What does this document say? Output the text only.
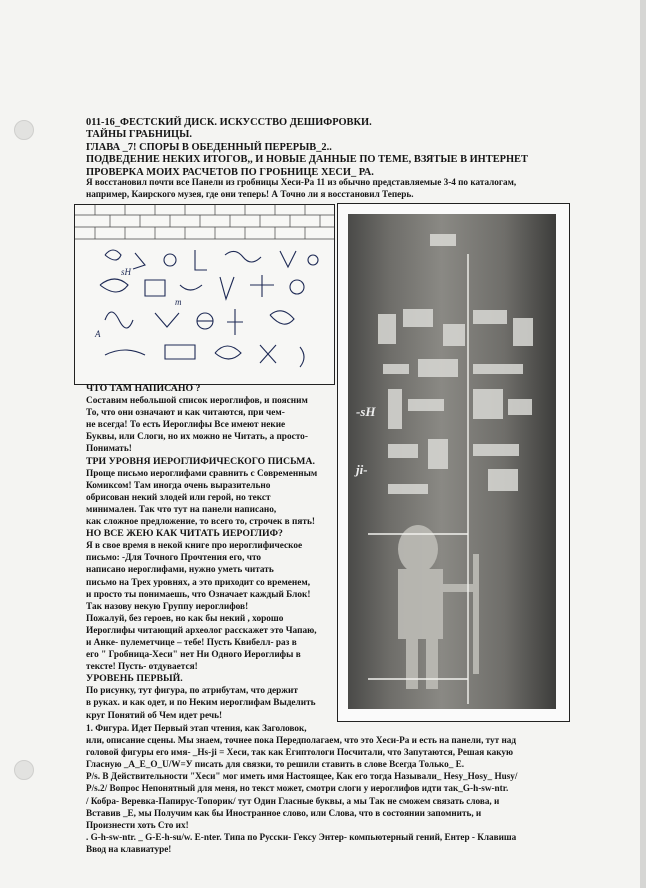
011-16_ФЕСТСКИЙ ДИСК. ИСКУССТВО ДЕШИФРОВКИ.
ТАЙНЫ ГРАБНИЦЫ.
ГЛАВА _7! СПОРЫ В ОБЕДЕННЫЙ ПЕРЕРЫВ_2..
ПОДВЕДЕНИЕ НЕКИХ ИТОГОВ,, И НОВЫЕ ДАННЫЕ ПО ТЕМЕ, ВЗЯТЫЕ В ИНТЕРНЕТ
ПРОВЕРКА МОИХ РАСЧЕТОВ ПО ГРОБНИЦЕ ХЕСИ_ РА.
Я восстановил почти все Панели из гробницы Хеси-Ра 11 из обычно представляемые 3-4 по каталогам,
например, Каирского музея, где они теперь! А Точно ли я восстановил Теперь.
sH
m
A
-sH
ji-
ЧТО ТАМ НАПИСАНО ?
Составим небольшой список иероглифов, и поясним
То, что они означают и как читаются, при чем-
не всегда! То есть Иероглифы Все имеют некие
Буквы, или Слоги, но их можно не Читать, а просто-
Понимать!
ТРИ УРОВНЯ ИЕРОГЛИФИЧЕСКОГО ПИСЬМА.
Проще письмо иероглифами сравнить с Современным
Комиксом! Там иногда очень выразительно
обрисован некий злодей или герой, но текст
минимален. Так что тут на панели написано,
как сложное предложение, то всего то, строчек в пять!
НО ВСЕ ЖЕЮ КАК ЧИТАТЬ ИЕРОГЛИФ?
Я в свое время в некой книге про иероглифическое
письмо: -Для Точного Прочтения его, что
написано иероглифами, нужно уметь читать
письмо на Трех уровнях, а это приходит со временем,
и просто ты понимаешь, что Означает каждый Блок!
Так назову некую Группу иероглифов!
Пожалуй, без героев, но как бы некий , хорошо
Иероглифы читающий археолог расскажет это Чапаю,
и Анке- пулеметчице – тебе! Пусть Квибелл- раз в
его " Гробница-Хеси" нет Ни Одного Иероглифы в
текстe! Пусть- отдувается!
УРОВЕНЬ ПЕРВЫЙ.
По рисунку, тут фигура, по атрибутам, что держит
в руках. и как одет, и по Неким иероглифам Выделить
круг Понятий об Чем идет речь!
1. Фигура. Идет Первый этап чтения, как Заголовок,
или, описание сцены. Мы знаем, точнее пока Передполагаем, что это Хеси-Ра и есть на панели, тут над
головой фигуры его имя- _Hs-ji = Хеси, так как Египтологи Посчитали, что Запутаются, Решая какую
Гласную _A_E_O_U/W=У писать для связки, то решили ставить в слове Всегда Только_ Е.
P/s. В Действительности "Хеси" мог иметь имя Настоящее, Как его тогда Называли_ Hesy_Hosy_ Husy/
P/s.2/ Вопрос Непонятный для меня, но текст может, смотри слоги у иероглифов идти так_G-h-sw-ntr.
/ Кобра- Веревка-Папирус-Топорик/ тут Один Гласные буквы, а мы Так не сможем связать слова, и
Вставив _Е, мы Получим как бы Иностранное слово, или Слова, что в состоянии запомнить, и
Произнести хоть Сто их!
. G-h-sw-ntr. _ G-E-h-su/w. E-nter. Типа по Русски- Гексу Энтер- компьютерный гений, Ентер - Клавиша
Ввод на клавиатуре!
